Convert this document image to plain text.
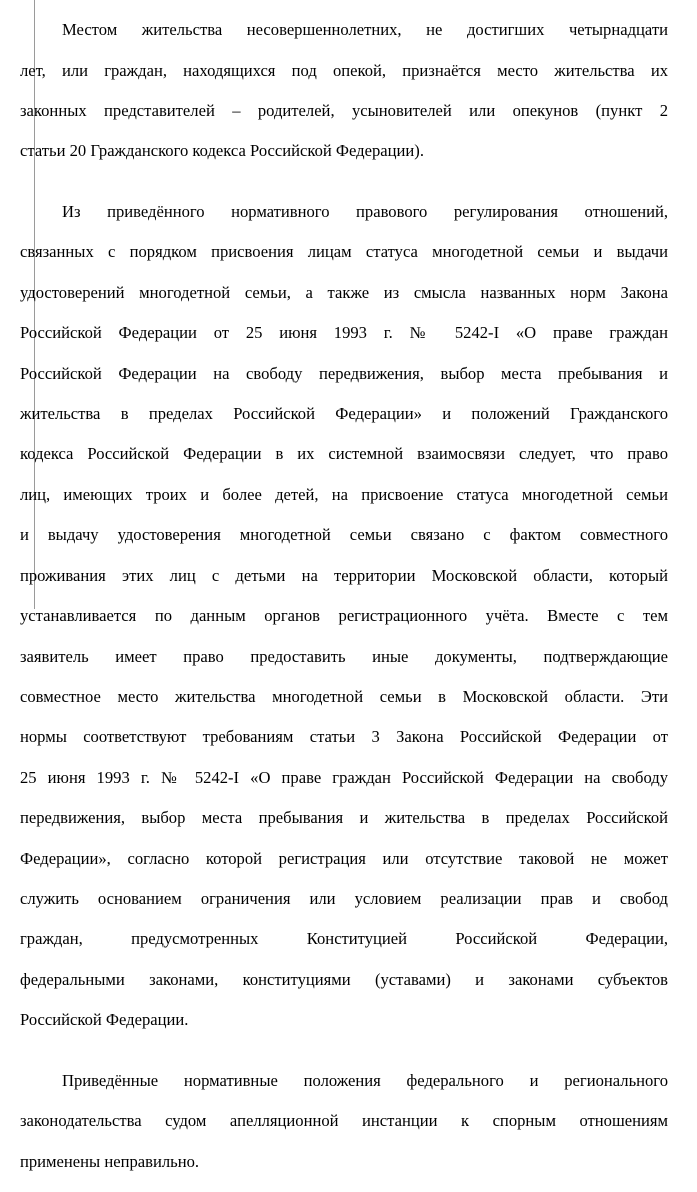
Местом жительства несовершеннолетних, не достигших четырнадцати

лет, или граждан, находящихся под опекой, признаётся место жительства их

законных представителей – родителей, усыновителей или опекунов (пункт 2

статьи 20 Гражданского кодекса Российской Федерации).

Из приведённого нормативного правового регулирования отношений,

связанных с порядком присвоения лицам статуса многодетной семьи и выдачи

удостоверений многодетной семьи, а также из смысла названных норм Закона

Российской Федерации от 25 июня 1993 г. № 5242-I «О праве граждан

Российской Федерации на свободу передвижения, выбор места пребывания и

жительства в пределах Российской Федерации» и положений Гражданского

кодекса Российской Федерации в их системной взаимосвязи следует, что право

лиц, имеющих троих и более детей, на присвоение статуса многодетной семьи

и выдачу удостоверения многодетной семьи связано с фактом совместного

проживания этих лиц с детьми на территории Московской области, который

устанавливается по данным органов регистрационного учёта. Вместе с тем

заявитель имеет право предоставить иные документы, подтверждающие

совместное место жительства многодетной семьи в Московской области. Эти

нормы соответствуют требованиям статьи 3 Закона Российской Федерации от

25 июня 1993 г. № 5242-I «О праве граждан Российской Федерации на свободу

передвижения, выбор места пребывания и жительства в пределах Российской

Федерации», согласно которой регистрация или отсутствие таковой не может

служить основанием ограничения или условием реализации прав и свобод

граждан, предусмотренных Конституцией Российской Федерации,

федеральными законами, конституциями (уставами) и законами субъектов

Российской Федерации.

Приведённые нормативные положения федерального и регионального

законодательства судом апелляционной инстанции к спорным отношениям

применены неправильно.
